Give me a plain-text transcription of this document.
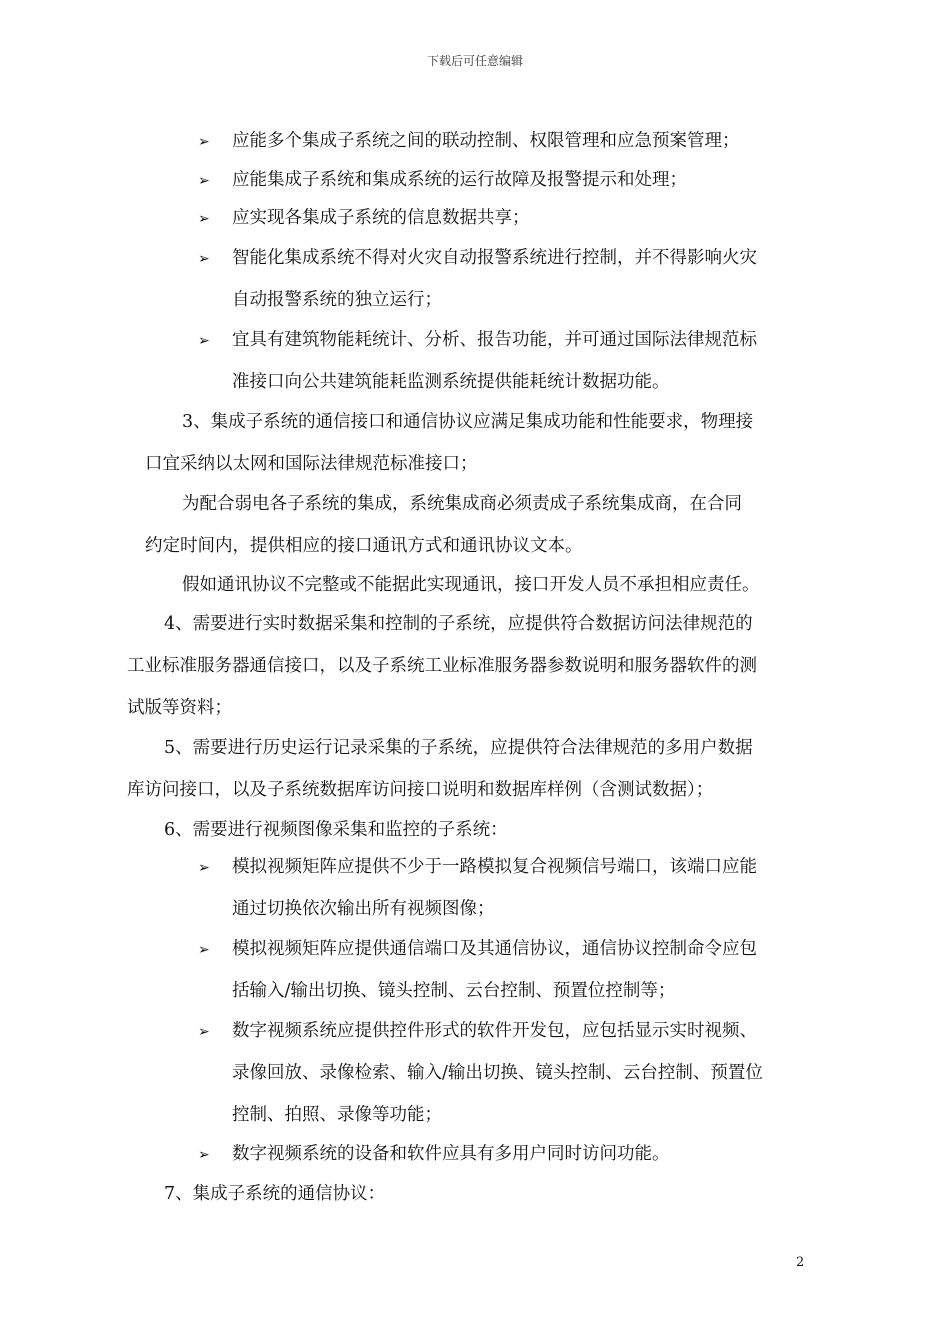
下载后可任意编辑
➢ 应能多个集成子系统之间的联动控制、权限管理和应急预案管理；
➢ 应能集成子系统和集成系统的运行故障及报警提示和处理；
➢ 应实现各集成子系统的信息数据共享；
➢ 智能化集成系统不得对火灾自动报警系统进行控制，并不得影响火灾
自动报警系统的独立运行；
➢ 宜具有建筑物能耗统计、分析、报告功能，并可通过国际法律规范标
准接口向公共建筑能耗监测系统提供能耗统计数据功能。
3、集成子系统的通信接口和通信协议应满足集成功能和性能要求，物理接
口宜采纳以太网和国际法律规范标准接口；
为配合弱电各子系统的集成，系统集成商必须责成子系统集成商，在合同
约定时间内，提供相应的接口通讯方式和通讯协议文本。
假如通讯协议不完整或不能据此实现通讯，接口开发人员不承担相应责任。
4、需要进行实时数据采集和控制的子系统，应提供符合数据访问法律规范的
工业标准服务器通信接口，以及子系统工业标准服务器参数说明和服务器软件的测
试版等资料；
5、需要进行历史运行记录采集的子系统，应提供符合法律规范的多用户数据
库访问接口，以及子系统数据库访问接口说明和数据库样例（含测试数据）；
6、需要进行视频图像采集和监控的子系统：
➢ 模拟视频矩阵应提供不少于一路模拟复合视频信号端口，该端口应能
通过切换依次输出所有视频图像；
➢ 模拟视频矩阵应提供通信端口及其通信协议，通信协议控制命令应包
括输入/输出切换、镜头控制、云台控制、预置位控制等；
➢ 数字视频系统应提供控件形式的软件开发包，应包括显示实时视频、
录像回放、录像检索、输入/输出切换、镜头控制、云台控制、预置位
控制、拍照、录像等功能；
➢ 数字视频系统的设备和软件应具有多用户同时访问功能。
7、集成子系统的通信协议：
2
